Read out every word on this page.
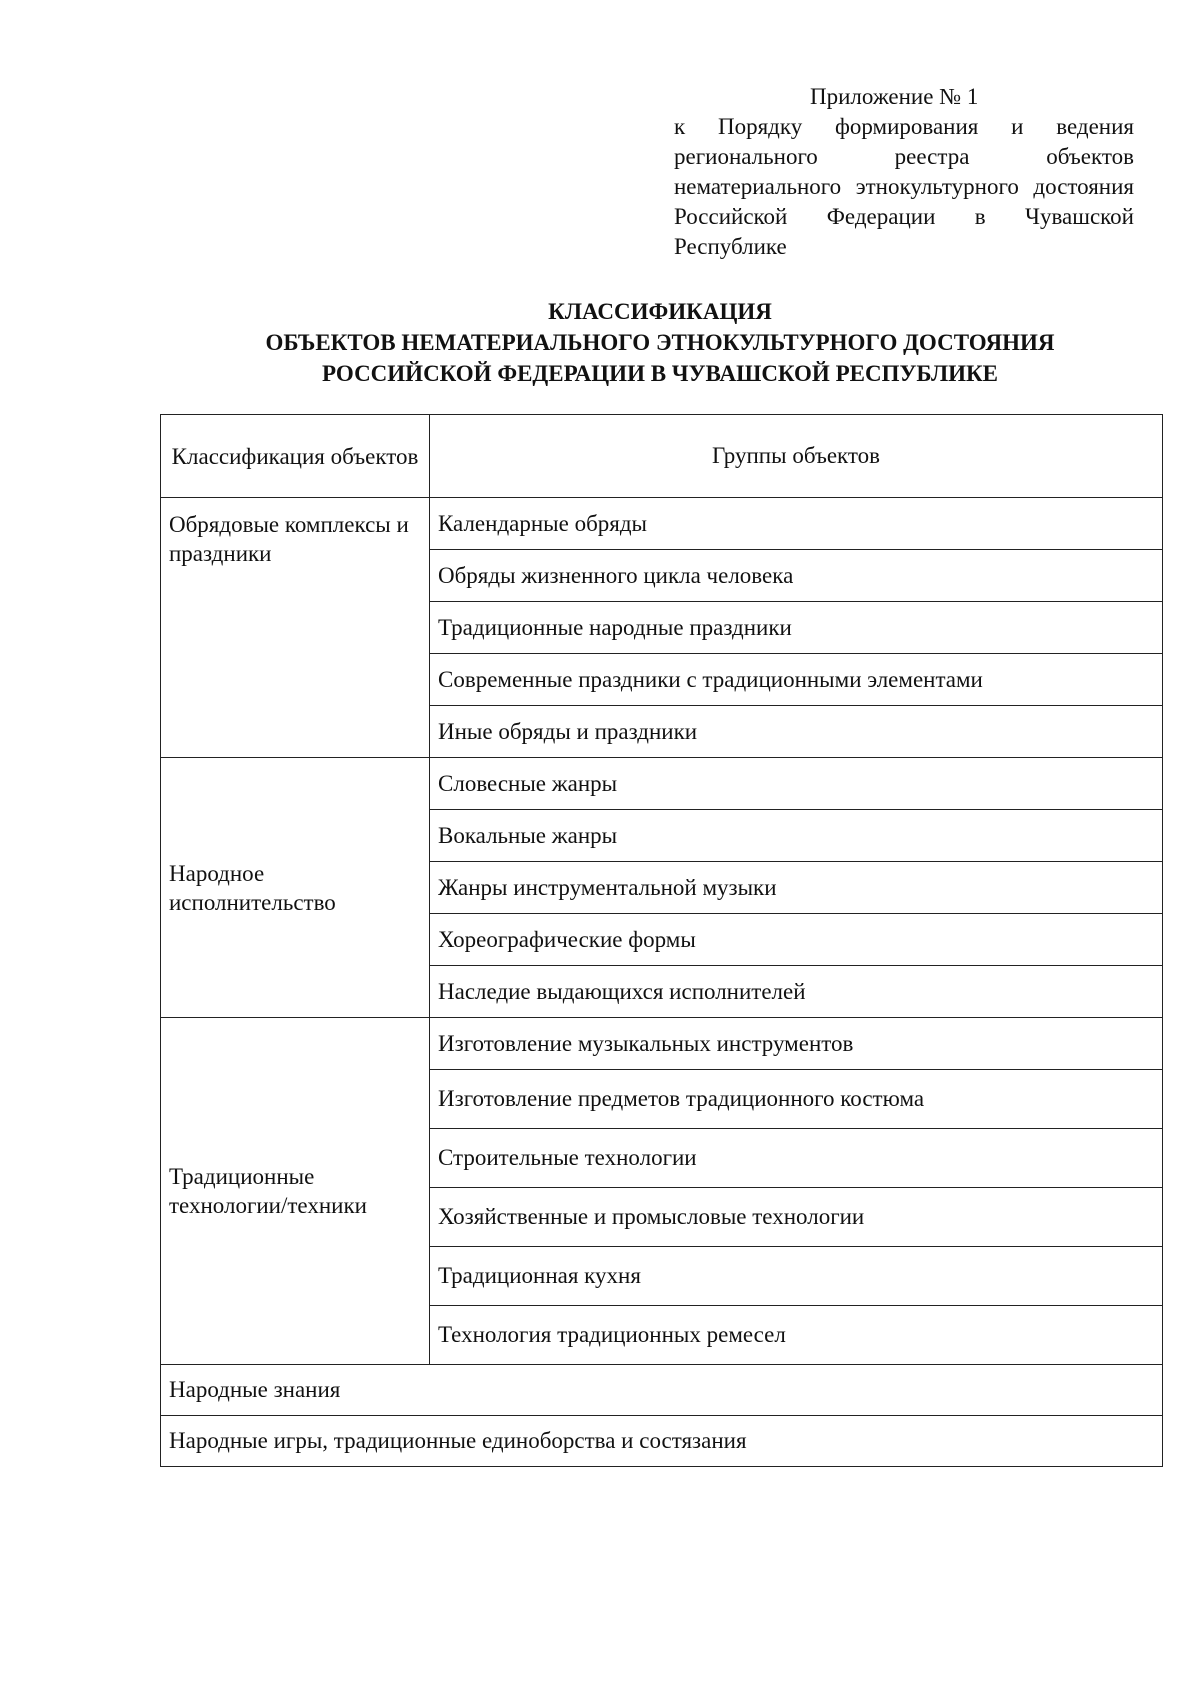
Приложение № 1
к Порядку формирования и ведения регионального реестра объектов нематериального этнокультурного достояния Российской Федерации в Чувашской Республике
КЛАССИФИКАЦИЯ
ОБЪЕКТОВ НЕМАТЕРИАЛЬНОГО ЭТНОКУЛЬТУРНОГО ДОСТОЯНИЯ
РОССИЙСКОЙ ФЕДЕРАЦИИ В ЧУВАШСКОЙ РЕСПУБЛИКЕ
Классификация объектов	Группы объектов
Обрядовые комплексы и праздники	Календарные обряды
	Обряды жизненного цикла человека
	Традиционные народные праздники
	Современные праздники с традиционными элементами
	Иные обряды и праздники
Народное исполнительство	Словесные жанры
	Вокальные жанры
	Жанры инструментальной музыки
	Хореографические формы
	Наследие выдающихся исполнителей
Традиционные технологии/техники	Изготовление музыкальных инструментов
	Изготовление предметов традиционного костюма
	Строительные технологии
	Хозяйственные и промысловые технологии
	Традиционная кухня
	Технология традиционных ремесел
Народные знания	
Народные игры, традиционные единоборства и состязания	
